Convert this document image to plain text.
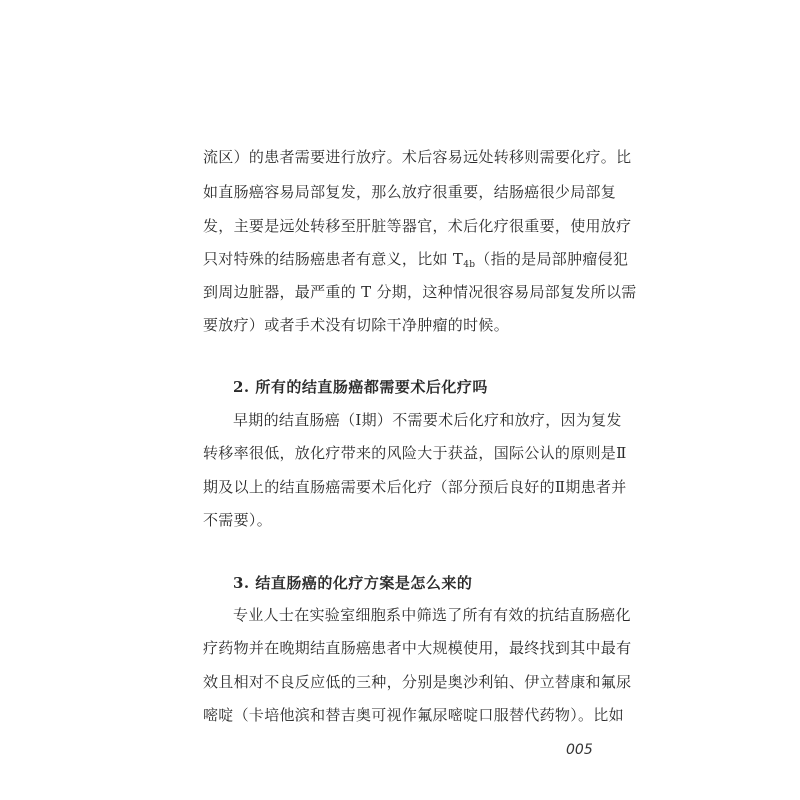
流区）的患者需要进行放疗。术后容易远处转移则需要化疗。比
如直肠癌容易局部复发，那么放疗很重要，结肠癌很少局部复
发，主要是远处转移至肝脏等器官，术后化疗很重要，使用放疗
只对特殊的结肠癌患者有意义，比如 $T_{4b}$（指的是局部肿瘤侵犯
到周边脏器，最严重的 T 分期，这种情况很容易局部复发所以需
要放疗）或者手术没有切除干净肿瘤的时候。
2. 所有的结直肠癌都需要术后化疗吗
早期的结直肠癌（Ⅰ期）不需要术后化疗和放疗，因为复发
转移率很低，放化疗带来的风险大于获益，国际公认的原则是Ⅱ
期及以上的结直肠癌需要术后化疗（部分预后良好的Ⅱ期患者并
不需要）。
3. 结直肠癌的化疗方案是怎么来的
专业人士在实验室细胞系中筛选了所有有效的抗结直肠癌化
疗药物并在晚期结直肠癌患者中大规模使用，最终找到其中最有
效且相对不良反应低的三种，分别是奥沙利铂、伊立替康和氟尿
嘧啶（卡培他滨和替吉奥可视作氟尿嘧啶口服替代药物）。比如
005
